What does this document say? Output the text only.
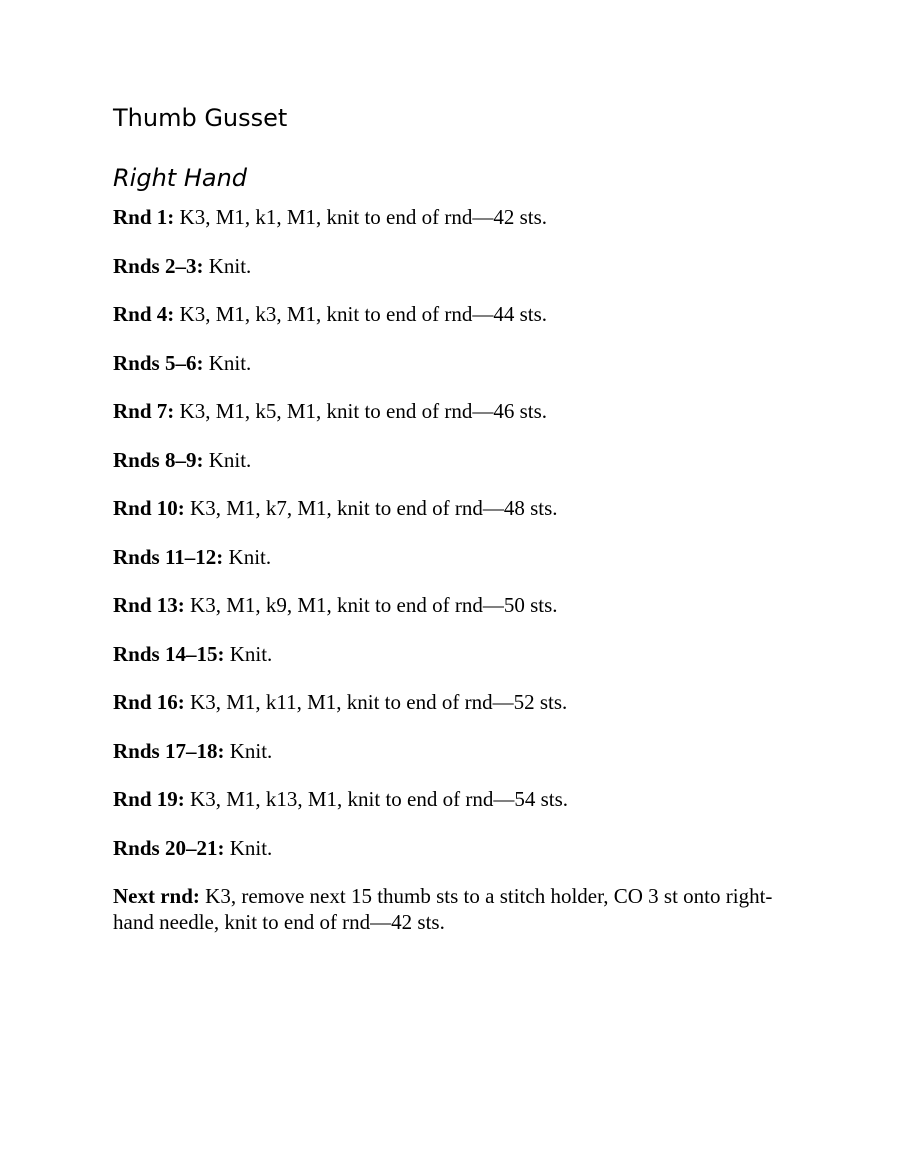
Thumb Gusset
Right Hand
Rnd 1: K3, M1, k1, M1, knit to end of rnd—42 sts.
Rnds 2–3: Knit.
Rnd 4: K3, M1, k3, M1, knit to end of rnd—44 sts.
Rnds 5–6: Knit.
Rnd 7: K3, M1, k5, M1, knit to end of rnd—46 sts.
Rnds 8–9: Knit.
Rnd 10: K3, M1, k7, M1, knit to end of rnd—48 sts.
Rnds 11–12: Knit.
Rnd 13: K3, M1, k9, M1, knit to end of rnd—50 sts.
Rnds 14–15: Knit.
Rnd 16: K3, M1, k11, M1, knit to end of rnd—52 sts.
Rnds 17–18: Knit.
Rnd 19: K3, M1, k13, M1, knit to end of rnd—54 sts.
Rnds 20–21: Knit.
Next rnd: K3, remove next 15 thumb sts to a stitch holder, CO 3 st onto right-hand needle, knit to end of rnd—42 sts.
